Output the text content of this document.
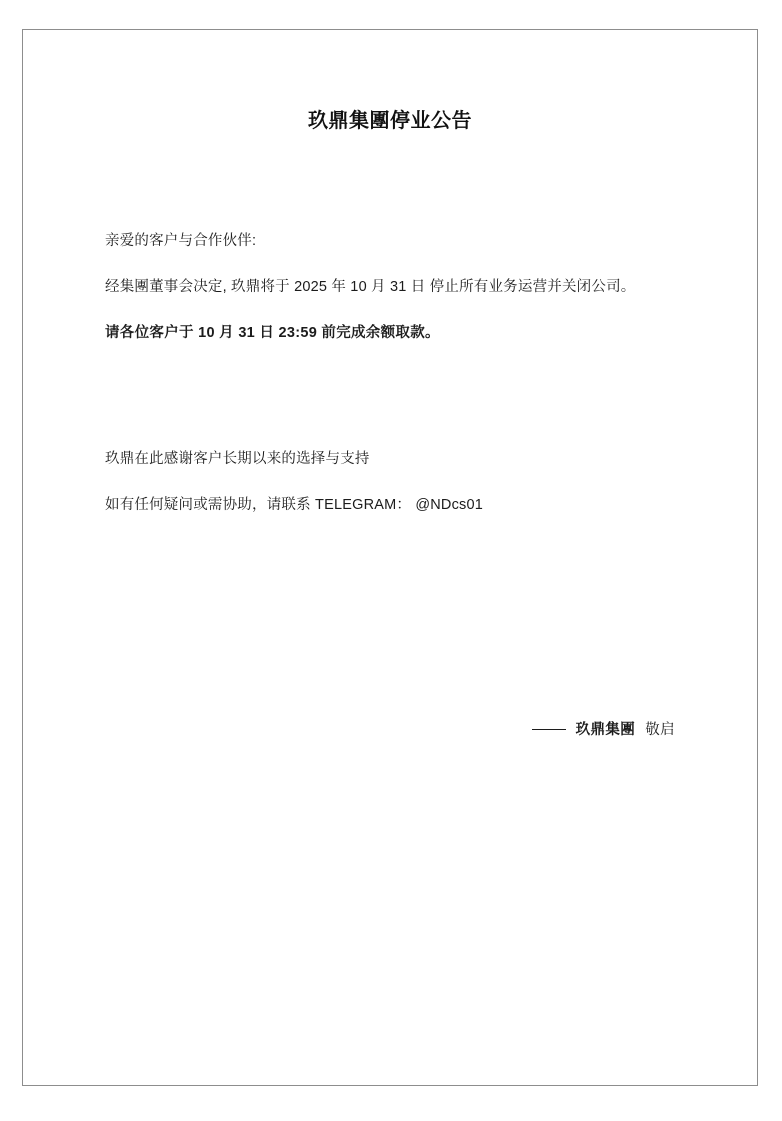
玖鼎集團停业公告
亲爱的客户与合作伙伴:
经集團董事会决定, 玖鼎将于 2025 年 10 月 31 日 停止所有业务运营并关闭公司。
请各位客户于 10 月 31 日 23:59 前完成余额取款。
玖鼎在此感谢客户长期以来的选择与支持
如有任何疑问或需协助，请联系 TELEGRAM： @NDcs01
玖鼎集團 敬启
